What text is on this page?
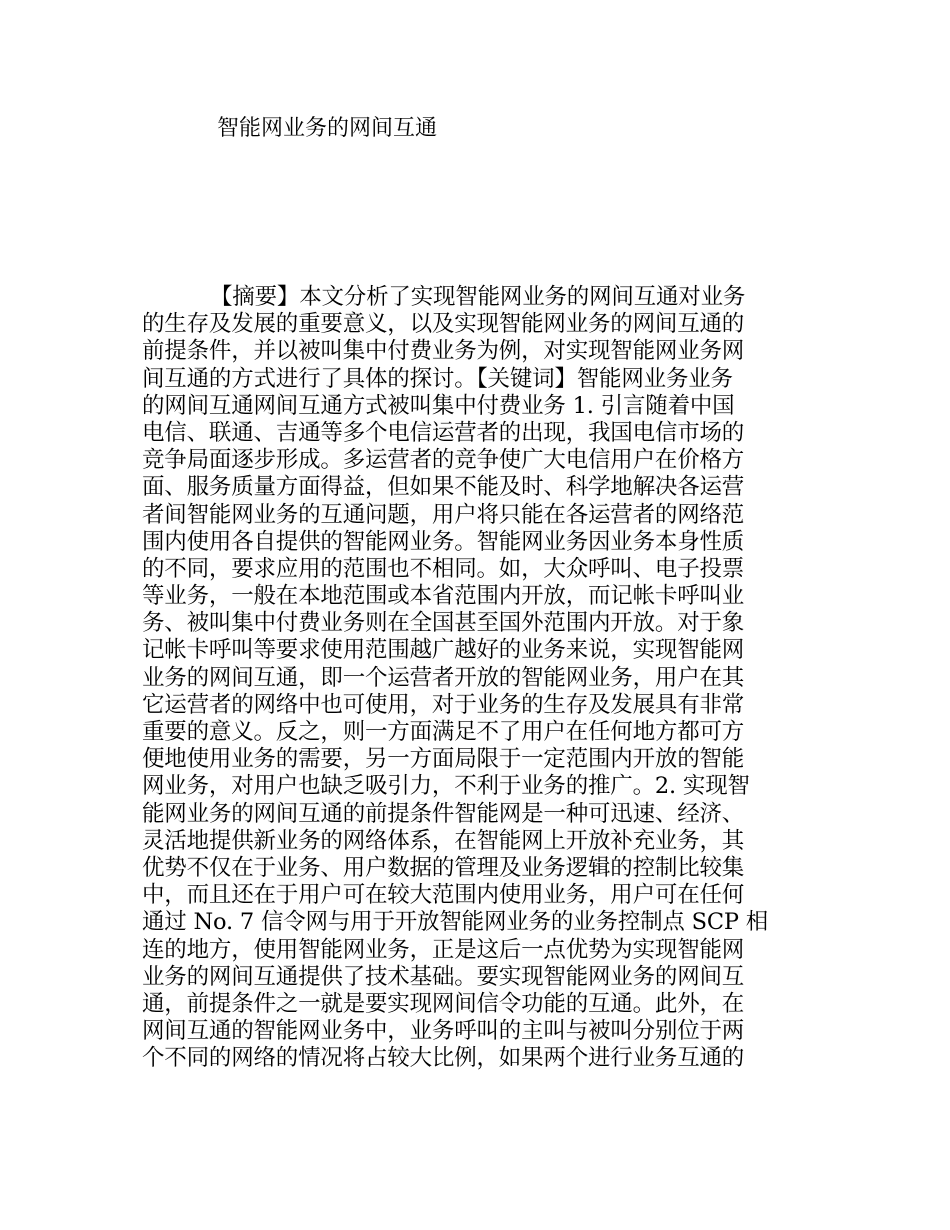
智能网业务的网间互通
【摘要】本文分析了实现智能网业务的网间互通对业务
的生存及发展的重要意义，以及实现智能网业务的网间互通的
前提条件，并以被叫集中付费业务为例，对实现智能网业务网
间互通的方式进行了具体的探讨。【关键词】智能网业务业务
的网间互通网间互通方式被叫集中付费业务 1. 引言随着中国
电信、联通、吉通等多个电信运营者的出现，我国电信市场的
竞争局面逐步形成。多运营者的竞争使广大电信用户在价格方
面、服务质量方面得益，但如果不能及时、科学地解决各运营
者间智能网业务的互通问题，用户将只能在各运营者的网络范
围内使用各自提供的智能网业务。智能网业务因业务本身性质
的不同，要求应用的范围也不相同。如，大众呼叫、电子投票
等业务，一般在本地范围或本省范围内开放，而记帐卡呼叫业
务、被叫集中付费业务则在全国甚至国外范围内开放。对于象
记帐卡呼叫等要求使用范围越广越好的业务来说，实现智能网
业务的网间互通，即一个运营者开放的智能网业务，用户在其
它运营者的网络中也可使用，对于业务的生存及发展具有非常
重要的意义。反之，则一方面满足不了用户在任何地方都可方
便地使用业务的需要，另一方面局限于一定范围内开放的智能
网业务，对用户也缺乏吸引力，不利于业务的推广。2. 实现智
能网业务的网间互通的前提条件智能网是一种可迅速、经济、
灵活地提供新业务的网络体系，在智能网上开放补充业务，其
优势不仅在于业务、用户数据的管理及业务逻辑的控制比较集
中，而且还在于用户可在较大范围内使用业务，用户可在任何
通过 No. 7 信令网与用于开放智能网业务的业务控制点 SCP 相
连的地方，使用智能网业务，正是这后一点优势为实现智能网
业务的网间互通提供了技术基础。要实现智能网业务的网间互
通，前提条件之一就是要实现网间信令功能的互通。此外，在
网间互通的智能网业务中，业务呼叫的主叫与被叫分别位于两
个不同的网络的情况将占较大比例，如果两个进行业务互通的
